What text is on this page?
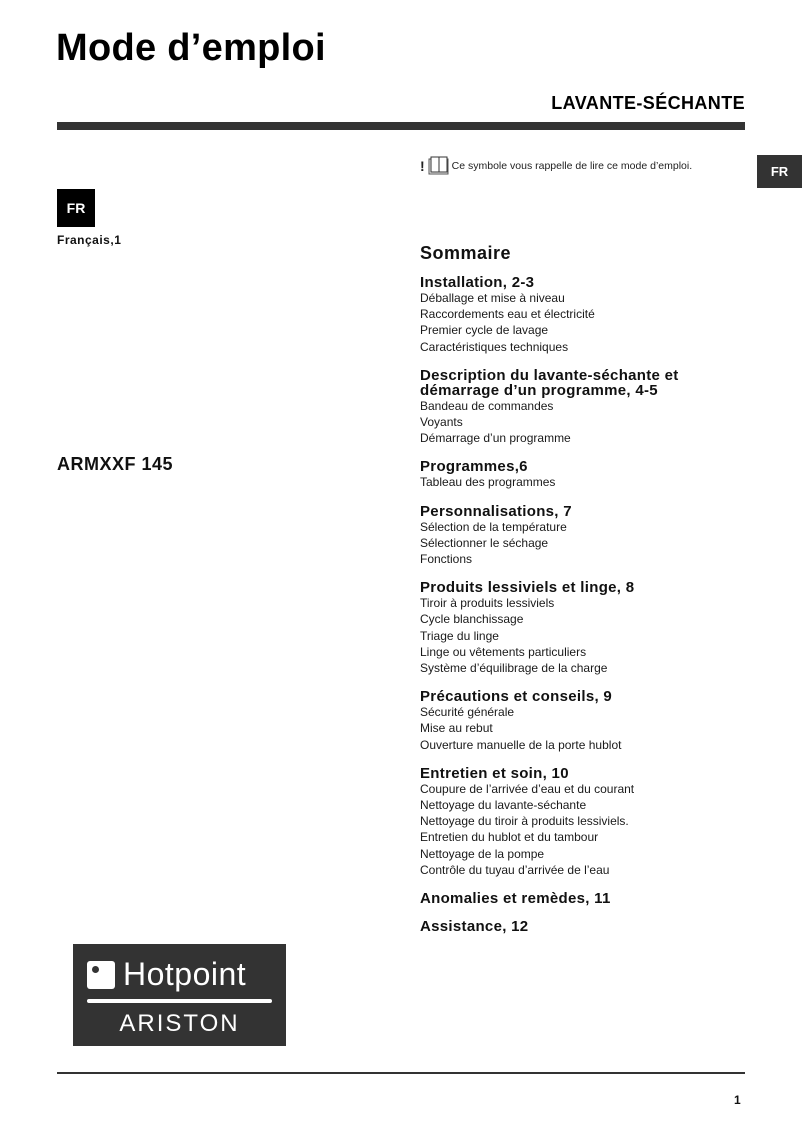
Mode d’emploi
LAVANTE-SÉCHANTE
!	Ce symbole vous rappelle de lire ce mode d’emploi.	FR
FR
Français,1
ARMXXF 145
Sommaire
Installation, 2-3
Déballage et mise à niveau
Raccordements eau et électricité
Premier cycle de lavage
Caractéristiques techniques
Description du lavante-séchante et démarrage d’un programme, 4-5
Bandeau de commandes
Voyants
Démarrage d’un programme
Programmes,6
Tableau des programmes
Personnalisations, 7
Sélection de la température
Sélectionner le séchage
Fonctions
Produits lessiviels et linge, 8
Tiroir à produits lessiviels
Cycle blanchissage
Triage du linge
Linge ou vêtements particuliers
Système d’équilibrage de la charge
Précautions et conseils, 9
Sécurité générale
Mise au rebut
Ouverture manuelle de la porte hublot
Entretien et soin, 10
Coupure de l’arrivée d’eau et du courant
Nettoyage du lavante-séchante
Nettoyage du tiroir à produits lessiviels.
Entretien du hublot et du tambour
Nettoyage de la pompe
Contrôle du tuyau d’arrivée de l’eau
Anomalies et remèdes, 11
Assistance, 12
Hotpoint
ARISTON
1
